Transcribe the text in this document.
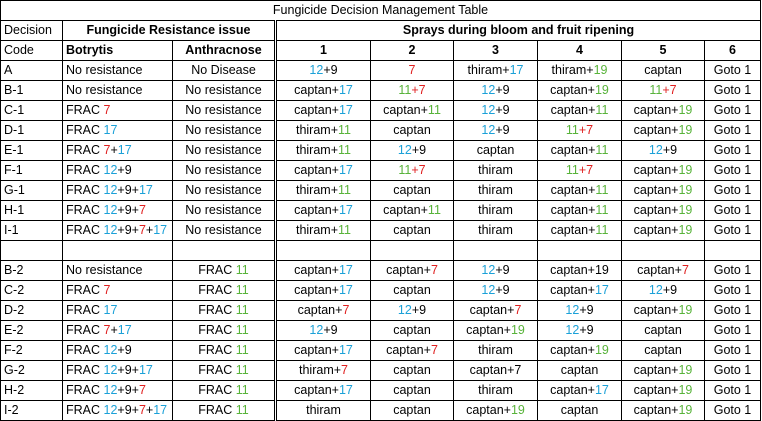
Fungicide Decision Management Table								
Decision	Fungicide Resistance issue		Sprays during bloom and fruit ripening					
Code	Botrytis	Anthracnose	1	2	3	4	5	6
A	No resistance	No Disease	12+9	7	thiram+17	thiram+19	captan	Goto 1
B-1	No resistance	No resistance	captan+17	11+7	12+9	captan+19	11+7	Goto 1
C-1	FRAC 7	No resistance	captan+17	captan+11	12+9	captan+11	captan+19	Goto 1
D-1	FRAC 17	No resistance	thiram+11	captan	12+9	11+7	captan+19	Goto 1
E-1	FRAC 7+17	No resistance	thiram+11	12+9	captan	captan+11	12+9	Goto 1
F-1	FRAC 12+9	No resistance	captan+17	11+7	thiram	11+7	captan+19	Goto 1
G-1	FRAC 12+9+17	No resistance	thiram+11	captan	thiram	captan+11	captan+19	Goto 1
H-1	FRAC 12+9+7	No resistance	captan+17	captan+11	thiram	captan+11	captan+19	Goto 1
I-1	FRAC 12+9+7+17	No resistance	thiram+11	captan	thiram	captan+11	captan+19	Goto 1

B-2	No resistance	FRAC 11	captan+17	captan+7	12+9	captan+19	captan+7	Goto 1
C-2	FRAC 7	FRAC 11	captan+17	captan	12+9	captan+17	12+9	Goto 1
D-2	FRAC 17	FRAC 11	captan+7	12+9	captan+7	12+9	captan+19	Goto 1
E-2	FRAC 7+17	FRAC 11	12+9	captan	captan+19	12+9	captan	Goto 1
F-2	FRAC 12+9	FRAC 11	captan+17	captan+7	thiram	captan+19	captan	Goto 1
G-2	FRAC 12+9+17	FRAC 11	thiram+7	captan	captan+7	captan	captan+19	Goto 1
H-2	FRAC 12+9+7	FRAC 11	captan+17	captan	thiram	captan+17	captan+19	Goto 1
I-2	FRAC 12+9+7+17	FRAC 11	thiram	captan	captan+19	captan	captan+19	Goto 1
